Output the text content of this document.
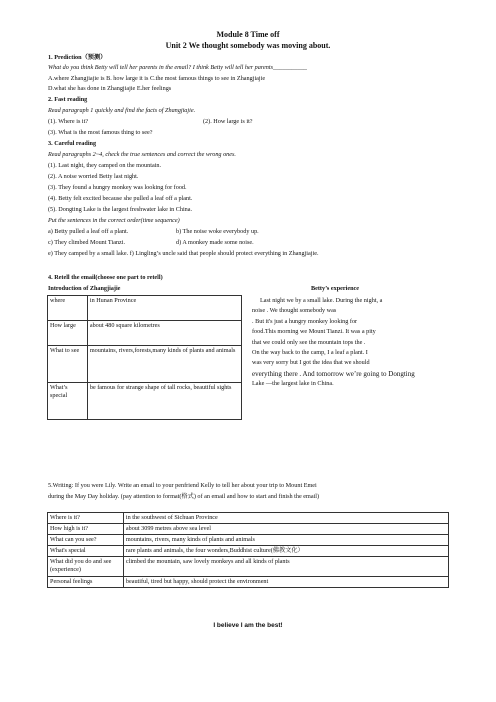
Module 8 Time off
Unit 2 We thought somebody was moving about.
1. Prediction（预测）
What do you think Betty will tell her parents in the email? I think Betty will tell her parents___________
A.where Zhangjiajie is B. how large it is C.the most famous things to see in Zhangjiajie
D.what she has done in Zhangjiajie E.her feelings
2. Fast reading
Read paragraph 1 quickly and find the facts of Zhangjiajie.
(1). Where is it?	(2). How large is it?
(3). What is the most famous thing to see?
3. Careful reading
Read paragraphs 2~4, check the true sentences and correct the wrong ones.
(1). Last night, they camped on the mountain.
(2). A noise worried Betty last night.
(3). They found a hungry monkey was looking for food.
(4). Betty felt excited because she pulled a leaf off a plant.
(5). Dongting Lake is the largest freshwater lake in China.
Put the sentences in the correct order(time sequence)
a) Betty pulled a leaf off a plant.	b) The noise woke everybody up.
c) They climbed Mount Tianzi.	d) A monkey made some noise.
e) They camped by a small lake. f) Lingling’s uncle said that people should protect everything in Zhangjiajie.
4. Retell the email(choose one part to retell)
Introduction of Zhangjiajie	Betty’s experience
where	in Hunan Province
How large	about 480 square kilometres
What to see	mountains, rivers,forests,many kinds of plants and animals
What’s special	be famous for strange shape of tall rocks, beautiful sights
Last night we by a small lake. During the night, a
noise . We thought somebody was
. But it's just a hungry monkey looking for
food.This morning we Mount Tianzi. It was a pity
that we could only see the mountain tops the .
On the way back to the camp, I a leaf a plant. I
was very sorry but I got the idea that we should
everything there . And tomorrow we’re going to Dongting
Lake —the largest lake in China.
5.Writing: If you were Lily. Write an email to your penfriend Kelly to tell her about your trip to Mount Emei
during the May Day holiday. (pay attention to format(格式) of an email and how to start and finish the email)
Where is it?	in the southwest of Sichuan Province
How high is it?	about 3099 metres above sea level
What can you see?	mountains, rivers, many kinds of plants and animals
What's special	rare plants and animals, the four wonders,Buddhist culture(佛教文化）
What did you do and see (experience)	climbed the mountain, saw lovely monkeys and all kinds of plants
Personal feelings	beautiful, tired but happy, should protect the environment
I believe I am the best!
